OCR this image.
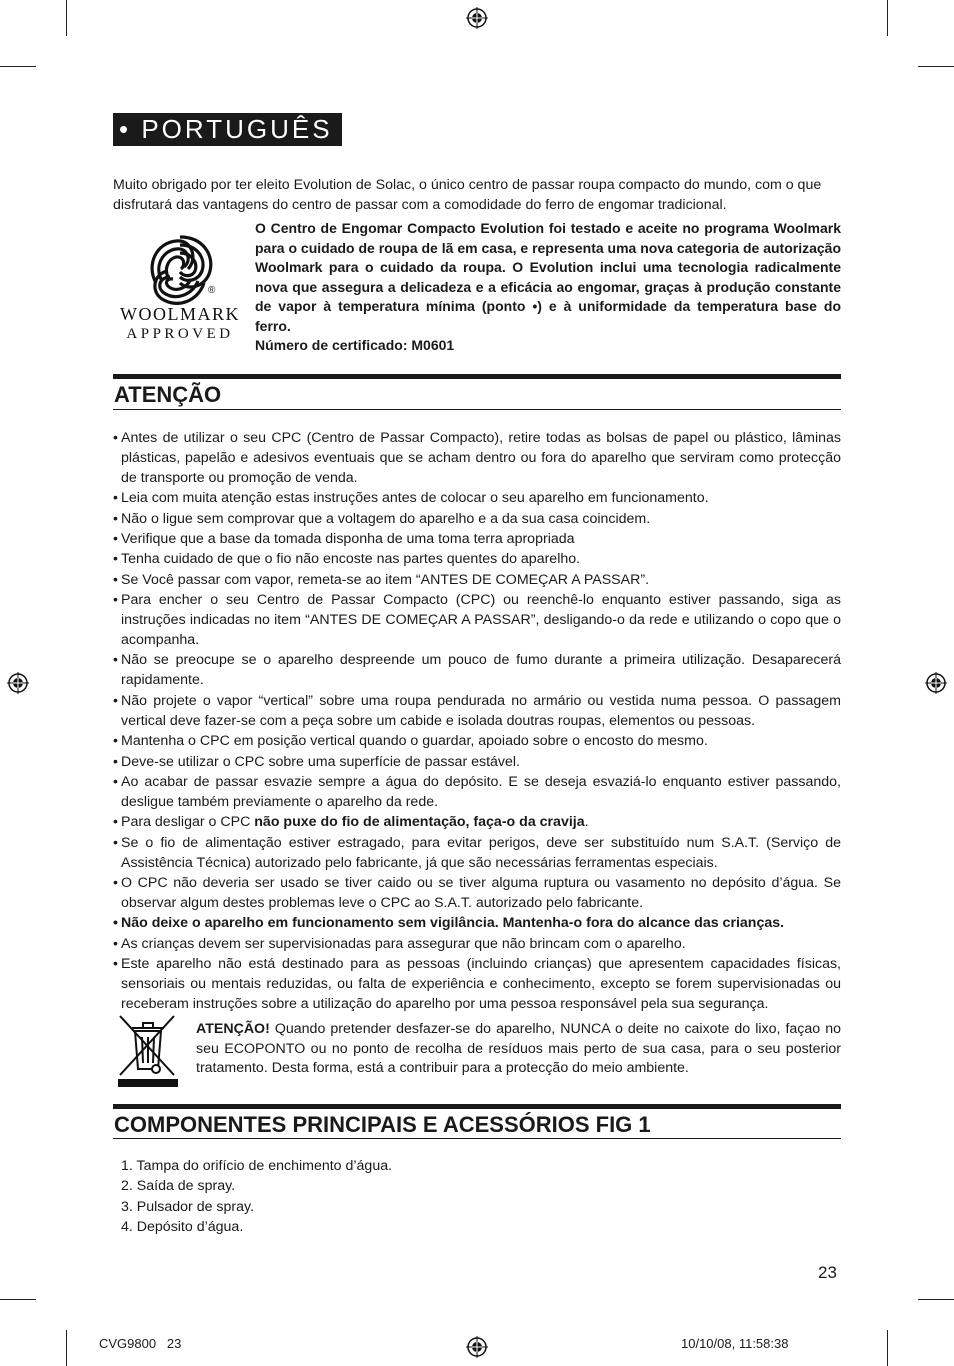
• PORTUGUÊS
Muito obrigado por ter eleito Evolution de Solac, o único centro de passar roupa compacto do mundo, com o que disfrutará das vantagens do centro de passar com a comodidade do ferro de engomar tradicional.
®
WOOLMARK
APPROVED
O Centro de Engomar Compacto Evolution foi testado e aceite no programa Woolmark para o cuidado de roupa de lã em casa, e representa uma nova categoria de autorização Woolmark para o cuidado da roupa. O Evolution inclui uma tecnologia radicalmente nova que assegura a delicadeza e a eficácia ao engomar, graças à produção constante de vapor à temperatura mínima (ponto •) e à uniformidade da temperatura base do ferro.
Número de certificado: M0601
ATENÇÃO
• Antes de utilizar o seu CPC (Centro de Passar Compacto), retire todas as bolsas de papel ou plástico, lâminas plásticas, papelão e adesivos eventuais que se acham dentro ou fora do aparelho que serviram como protecção de transporte ou promoção de venda.
• Leia com muita atenção estas instruções antes de colocar o seu aparelho em funcionamento.
• Não o ligue sem comprovar que a voltagem do aparelho e a da sua casa coincidem.
• Verifique que a base da tomada disponha de uma toma terra apropriada
• Tenha cuidado de que o fio não encoste nas partes quentes do aparelho.
• Se Você passar com vapor, remeta-se ao item “ANTES DE COMEÇAR A PASSAR”.
• Para encher o seu Centro de Passar Compacto (CPC) ou reenchê-lo enquanto estiver passando, siga as instruções indicadas no item “ANTES DE COMEÇAR A PASSAR”, desligando-o da rede e utilizando o copo que o acompanha.
• Não se preocupe se o aparelho despreende um pouco de fumo durante a primeira utilização. Desaparecerá rapidamente.
• Não projete o vapor “vertical” sobre uma roupa pendurada no armário ou vestida numa pessoa. O passagem vertical deve fazer-se com a peça sobre um cabide e isolada doutras roupas, elementos ou pessoas.
• Mantenha o CPC em posição vertical quando o guardar, apoiado sobre o encosto do mesmo.
• Deve-se utilizar o CPC sobre uma superfície de passar estável.
• Ao acabar de passar esvazie sempre a água do depósito. E se deseja esvaziá-lo enquanto estiver passando, desligue também previamente o aparelho da rede.
• Para desligar o CPC não puxe do fio de alimentação, faça-o da cravija.
• Se o fio de alimentação estiver estragado, para evitar perigos, deve ser substituído num S.A.T. (Serviço de Assistência Técnica) autorizado pelo fabricante, já que são necessárias ferramentas especiais.
• O CPC não deveria ser usado se tiver caido ou se tiver alguma ruptura ou vasamento no depósito d’água. Se observar algum destes problemas leve o CPC ao S.A.T. autorizado pelo fabricante.
• Não deixe o aparelho em funcionamento sem vigilância. Mantenha-o fora do alcance das crianças.
• As crianças devem ser supervisionadas para assegurar que não brincam com o aparelho.
• Este aparelho não está destinado para as pessoas (incluindo crianças) que apresentem capacidades físicas, sensoriais ou mentais reduzidas, ou falta de experiência e conhecimento, excepto se forem supervisionadas ou receberam instruções sobre a utilização do aparelho por uma pessoa responsável pela sua segurança.
ATENÇÃO! Quando pretender desfazer-se do aparelho, NUNCA o deite no caixote do lixo, façao no seu ECOPONTO ou no ponto de recolha de resíduos mais perto de sua casa, para o seu posterior tratamento. Desta forma, está a contribuir para a protecção do meio ambiente.
COMPONENTES PRINCIPAIS E ACESSÓRIOS FIG 1
1. Tampa do orifício de enchimento d’água.
2. Saída de spray.
3. Pulsador de spray.
4. Depósito d’água.
23
CVG9800   23	10/10/08, 11:58:38
